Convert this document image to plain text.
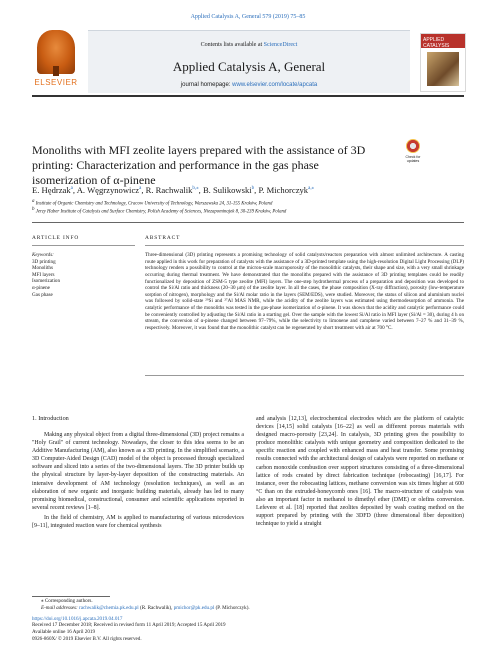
Applied Catalysis A, General 579 (2019) 75–85
ELSEVIER
Contents lists available at ScienceDirect
Applied Catalysis A, General
journal homepage: www.elsevier.com/locate/apcata
APPLIED CATALYSIS
Monoliths with MFI zeolite layers prepared with the assistance of 3D printing: Characterization and performance in the gas phase isomerization of α-pinene
Check for updates
E. Hędrzak$^a$, A. Węgrzynowicz$^a$, R. Rachwalik$^{b,⁎}$, B. Sulikowski$^b$, P. Michorczyk$^{a,⁎}$
a Institute of Organic Chemistry and Technology, Cracow University of Technology, Warszawska 24, 31-155 Kraków, Poland
b Jerzy Haber Institute of Catalysis and Surface Chemistry, Polish Academy of Sciences, Niezapominajek 8, 30-239 Kraków, Poland
ARTICLE INFO	ABSTRACT
Keywords:
3D printing
Monoliths
MFI layers
Isomerization
α-pinene
Gas phase
Three-dimensional (3D) printing represents a promising technology of solid catalysts/reactors preparation with almost unlimited architecture. A casting route applied in this work for preparation of catalysts with the assistance of a 3D-printed template using the high-resolution Digital Light Processing (DLP) technology renders a possibility to control at the micron-scale macroporosity of the monolithic catalysts, their shape and size, with a very small shrinkage occurring during thermal treatment. We have demonstrated that the monoliths prepared with the assistance of 3D printing templates could be readily functionalized by deposition of ZSM-5 type zeolite (MFI) layers. The one-step hydrothermal process of a preparation and deposition was developed to control the Si/Al ratio and thickness (20–30 μm) of the zeolite layer. In all the cases, the phase composition (X-ray diffraction), porosity (low-temperature sorption of nitrogen), morphology and the Si/Al molar ratio in the layers (SEM/EDS), were studied. Moreover, the status of silicon and aluminium nuclei was followed by solid-state ²⁹Si and ²⁷Al MAS NMR, while the acidity of the zeolite layers was estimated using thermodesorption of ammonia. The catalytic performance of the monoliths was tested in the gas-phase isomerization of α-pinene. It was shown that the acidity and catalytic performance could be conveniently controlled by adjusting the Si/Al ratio in a starting gel. Over the sample with the lowest Si/Al ratio in MFI layer (Si/Al = 30), during 4 h on stream, the conversion of α-pinene changed between 97–79%, while the selectivity to limonene and camphene varied between 7–27 % and 31–39 %, respectively. Moreover, it was found that the monolithic catalyst can be regenerated by short treatment with air at 700 °C.
1. Introduction

Making any physical object from a digital three-dimensional (3D) project remains a "Holy Grail" of current technology. Nowadays, the closer to this idea seems to be an Additive Manufacturing (AM), also known as a 3D printing. In the simplified scenario, a 3D Computer-Aided Design (CAD) model of the object is processed through specialized software and sliced into a series of the two-dimensional layers. The 3D printer builds up the physical structure by layer-by-layer deposition of the constructing materials. An intensive development of AM technology (resolution techniques), as well as an elaboration of new organic and inorganic building materials, already has led to many promising biomedical, constructional, consumer and scientific applications reported in several recent reviews [1–8].

In the field of chemistry, AM is applied to manufacturing of various microdevices [9–11], integrated reaction ware for chemical synthesis

and analysis [12,13], electrochemical electrodes which are the platform of catalytic devices [14,15] solid catalysts [16–22] as well as different porous materials with designed macro-porosity [23,24]. In catalysis, 3D printing gives the possibility to produce monolithic catalysts with unique geometry and composition dedicated to the specific reaction and coupled with enhanced mass and heat transfer. Some promising results connected with the architectural design of catalysts were reported on methane or carbon monoxide combustion over support structures consisting of a three-dimensional lattice of rods created by direct fabrication technique (robocasting) [16,17]. For instance, over the robocasting lattices, methane conversion was six times higher at 600 °C than on the extruded-honeycomb ones [16]. The macro-structure of catalysts was also an important factor in methanol to dimethyl ether (DME) or olefins conversion. Lefevere et al. [18] reported that zeolites deposited by wash coating method on the support prepared by printing with the 3DFD (three dimensional fiber deposition) technique to yield a straight

⁎ Corresponding authors.
E-mail addresses: rachwalik@chemia.pk.edu.pl (R. Rachwalik), pmichor@pk.edu.pl (P. Michorczyk).
https://doi.org/10.1016/j.apcata.2019.04.017
Received 17 December 2018; Received in revised form 11 April 2019; Accepted 15 April 2019
Available online 16 April 2019
0926-860X/ © 2019 Elsevier B.V. All rights reserved.
